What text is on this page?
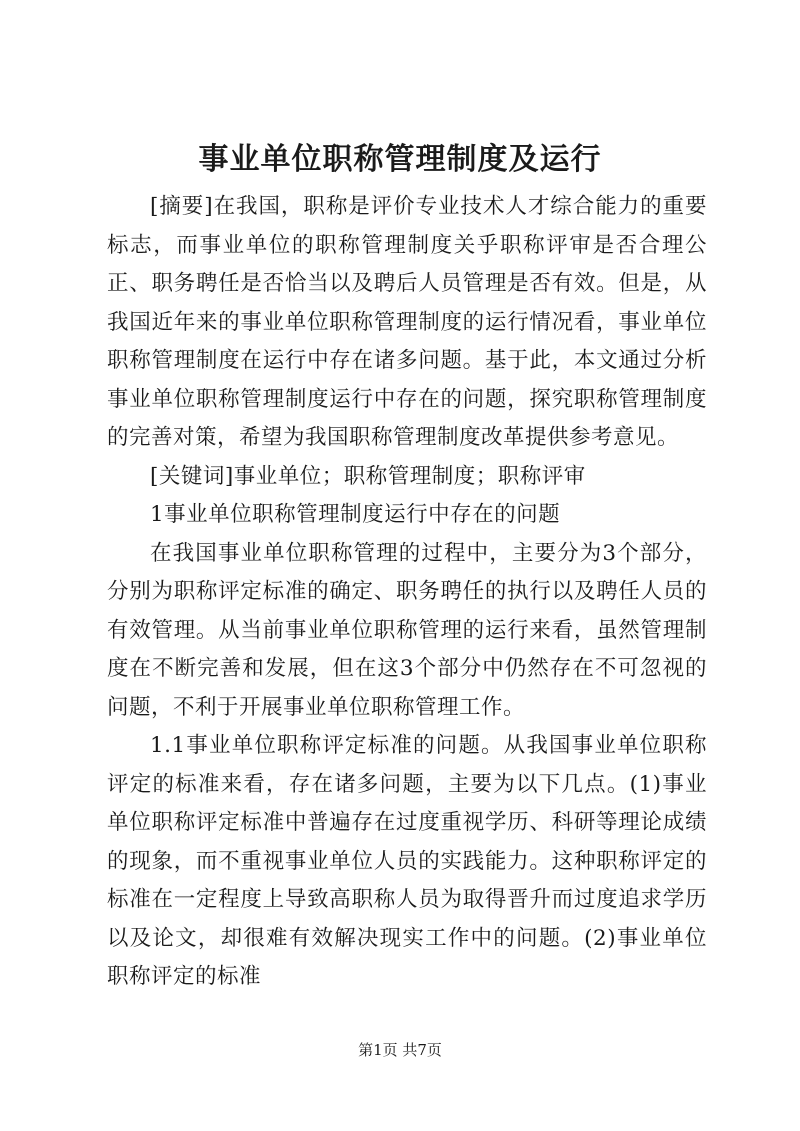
事业单位职称管理制度及运行

[摘要]在我国，职称是评价专业技术人才综合能力的重要标志，而事业单位的职称管理制度关乎职称评审是否合理公正、职务聘任是否恰当以及聘后人员管理是否有效。但是，从我国近年来的事业单位职称管理制度的运行情况看，事业单位职称管理制度在运行中存在诸多问题。基于此，本文通过分析事业单位职称管理制度运行中存在的问题，探究职称管理制度的完善对策，希望为我国职称管理制度改革提供参考意见。

[关键词]事业单位；职称管理制度；职称评审

1事业单位职称管理制度运行中存在的问题

在我国事业单位职称管理的过程中，主要分为3个部分，分别为职称评定标准的确定、职务聘任的执行以及聘任人员的有效管理。从当前事业单位职称管理的运行来看，虽然管理制度在不断完善和发展，但在这3个部分中仍然存在不可忽视的问题，不利于开展事业单位职称管理工作。

1.1事业单位职称评定标准的问题。从我国事业单位职称评定的标准来看，存在诸多问题，主要为以下几点。(1)事业单位职称评定标准中普遍存在过度重视学历、科研等理论成绩的现象，而不重视事业单位人员的实践能力。这种职称评定的标准在一定程度上导致高职称人员为取得晋升而过度追求学历以及论文，却很难有效解决现实工作中的问题。(2)事业单位职称评定的标准

第1页 共7页
